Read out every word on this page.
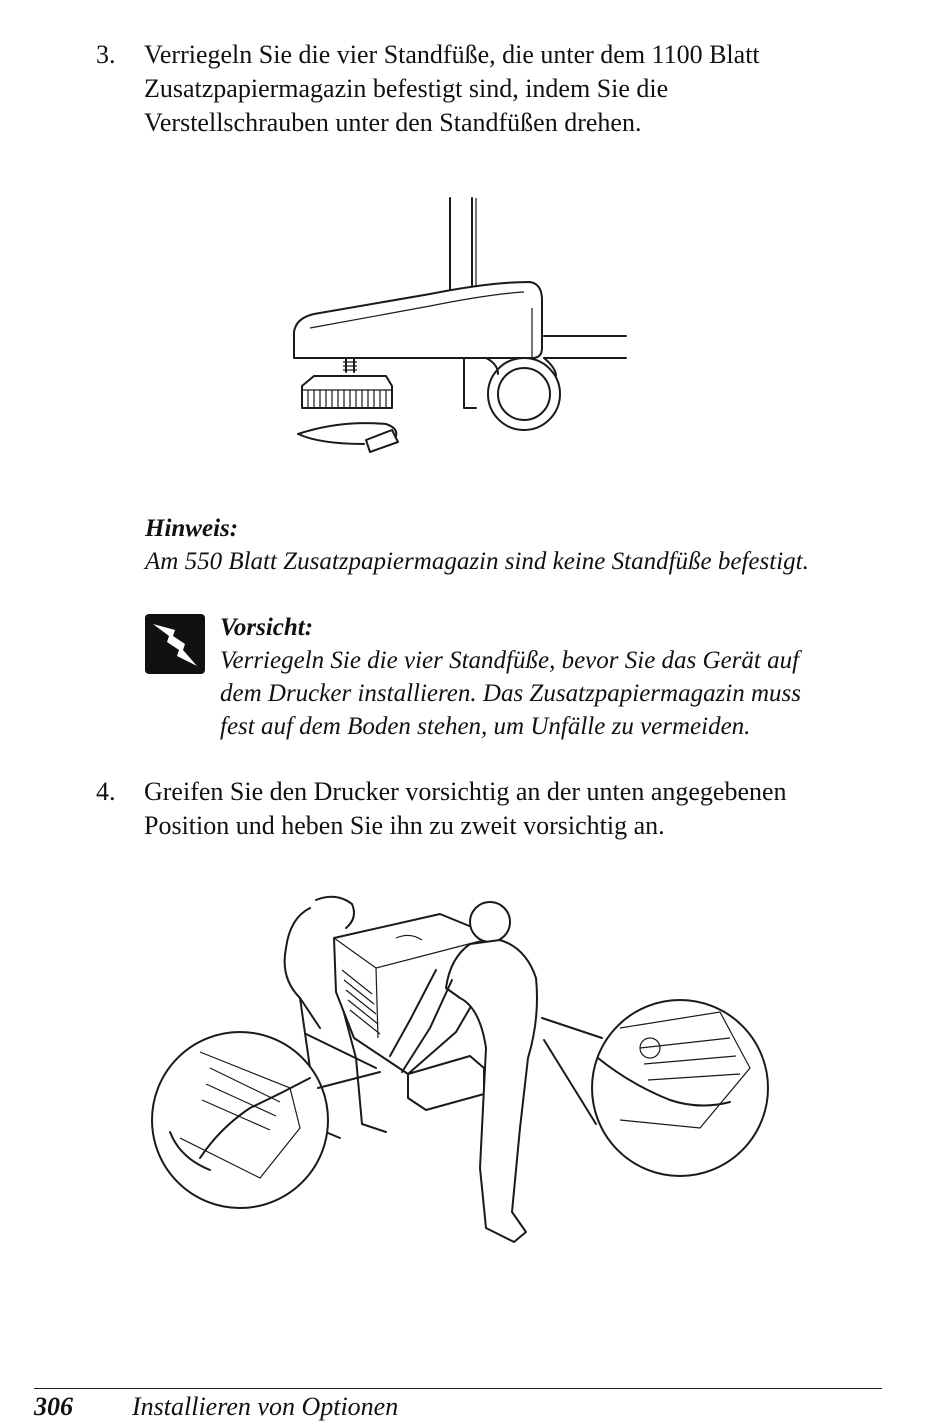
3. Verriegeln Sie die vier Standfüße, die unter dem 1100 Blatt
Zusatzpapiermagazin befestigt sind, indem Sie die
Verstellschrauben unter den Standfüßen drehen.
Hinweis:
Am 550 Blatt Zusatzpapiermagazin sind keine Standfüße befestigt.
Vorsicht:
Verriegeln Sie die vier Standfüße, bevor Sie das Gerät auf
dem Drucker installieren. Das Zusatzpapiermagazin muss
fest auf dem Boden stehen, um Unfälle zu vermeiden.
4. Greifen Sie den Drucker vorsichtig an der unten angegebenen
Position und heben Sie ihn zu zweit vorsichtig an.
306 Installieren von Optionen
